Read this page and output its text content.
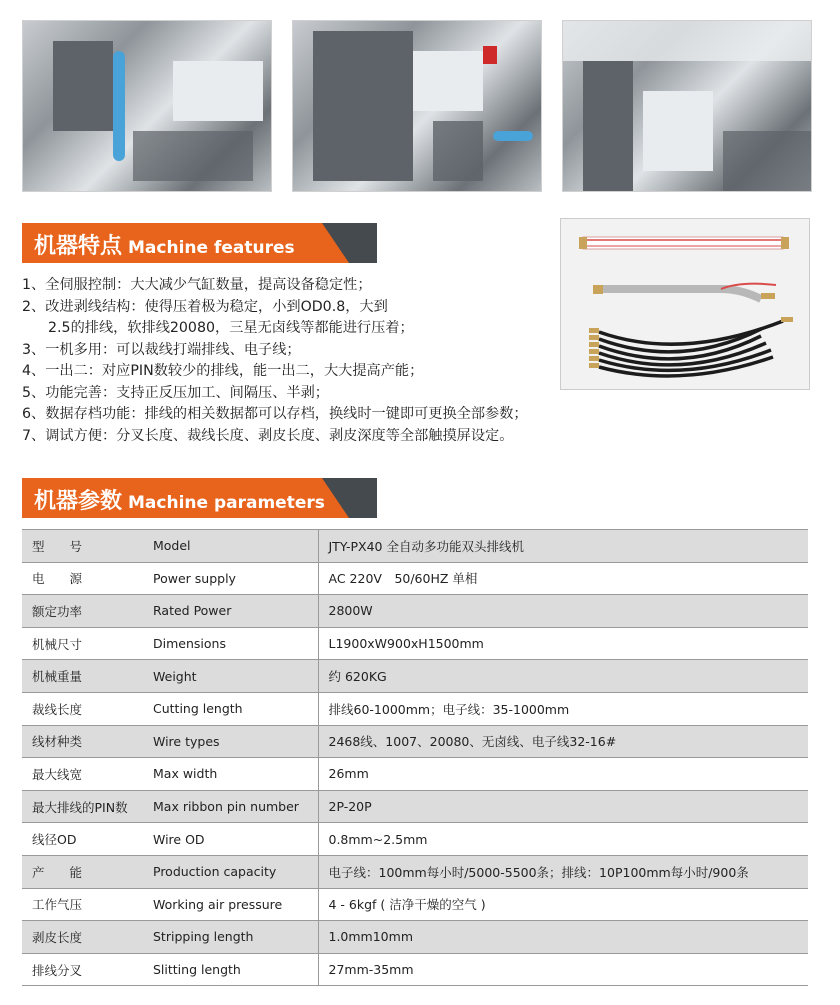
机器特点 Machine features
1、全伺服控制：大大减少气缸数量，提高设备稳定性；
2、改进剥线结构：使得压着极为稳定，小到OD0.8，大到
2.5的排线，软排线20080，三星无卤线等都能进行压着；
3、一机多用：可以裁线打端排线、电子线；
4、一出二：对应PIN数较少的排线，能一出二，大大提高产能；
5、功能完善：支持正反压加工、间隔压、半剥；
6、数据存档功能：排线的相关数据都可以存档，换线时一键即可更换全部参数；
7、调试方便：分叉长度、裁线长度、剥皮长度、剥皮深度等全部触摸屏设定。
机器参数 Machine parameters
型　　号	Model	JTY-PX40 全自动多功能双头排线机
电　　源	Power supply	AC 220V　50/60HZ 单相
额定功率	Rated Power	2800W
机械尺寸	Dimensions	L1900xW900xH1500mm
机械重量	Weight	约 620KG
裁线长度	Cutting length	排线60-1000mm；电子线：35-1000mm
线材种类	Wire types	2468线、1007、20080、无卤线、电子线32-16#
最大线宽	Max width	26mm
最大排线的PIN数	Max ribbon pin number	2P-20P
线径OD	Wire OD	0.8mm~2.5mm
产　　能	Production capacity	电子线：100mm每小时/5000-5500条；排线：10P100mm每小时/900条
工作气压	Working air pressure	4 - 6kgf ( 洁净干燥的空气 )
剥皮长度	Stripping length	1.0mm10mm
排线分叉	Slitting length	27mm-35mm
